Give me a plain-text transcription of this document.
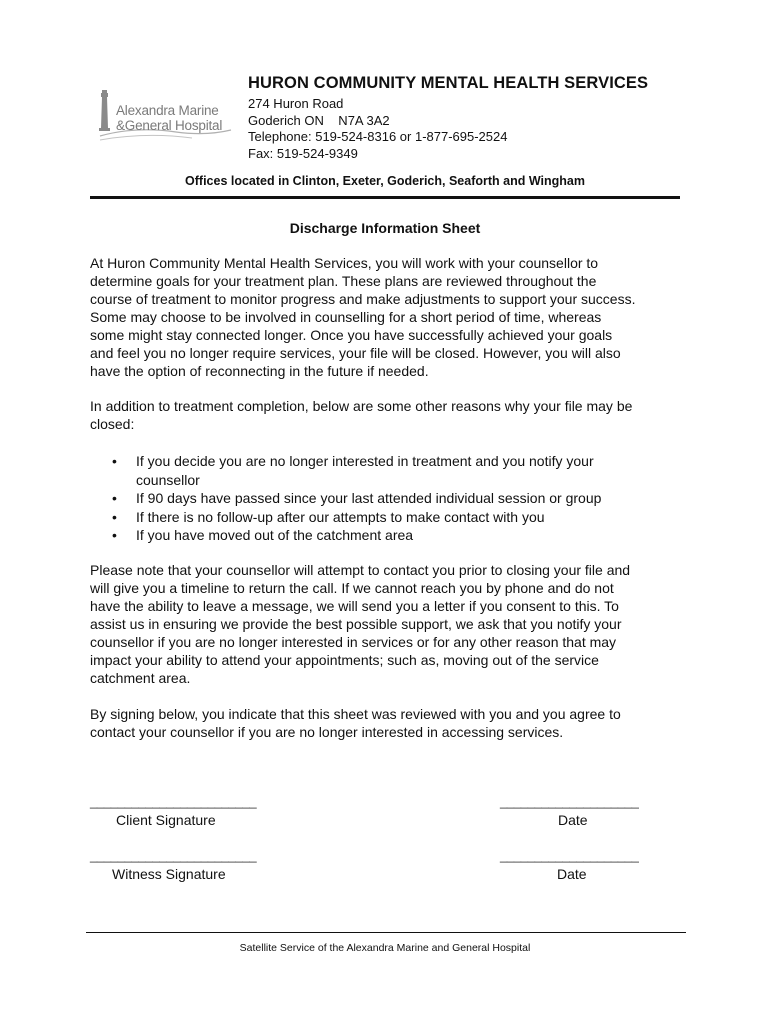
Alexandra Marine
&General Hospital
HURON COMMUNITY MENTAL HEALTH SERVICES
274 Huron Road
Goderich ON    N7A 3A2
Telephone: 519-524-8316 or 1-877-695-2524
Fax: 519-524-9349
Offices located in Clinton, Exeter, Goderich, Seaforth and Wingham
Discharge Information Sheet
At Huron Community Mental Health Services, you will work with your counsellor to
determine goals for your treatment plan. These plans are reviewed throughout the
course of treatment to monitor progress and make adjustments to support your success.
Some may choose to be involved in counselling for a short period of time, whereas
some might stay connected longer. Once you have successfully achieved your goals
and feel you no longer require services, your file will be closed. However, you will also
have the option of reconnecting in the future if needed.
In addition to treatment completion, below are some other reasons why your file may be
closed:
• If you decide you are no longer interested in treatment and you notify your
counsellor
• If 90 days have passed since your last attended individual session or group
• If there is no follow-up after our attempts to make contact with you
• If you have moved out of the catchment area
Please note that your counsellor will attempt to contact you prior to closing your file and
will give you a timeline to return the call. If we cannot reach you by phone and do not
have the ability to leave a message, we will send you a letter if you consent to this. To
assist us in ensuring we provide the best possible support, we ask that you notify your
counsellor if you are no longer interested in services or for any other reason that may
impact your ability to attend your appointments; such as, moving out of the service
catchment area.
By signing below, you indicate that this sheet was reviewed with you and you agree to
contact your counsellor if you are no longer interested in accessing services.
________________________	____________________
Client Signature	Date
________________________	____________________
Witness Signature	Date
Satellite Service of the Alexandra Marine and General Hospital
